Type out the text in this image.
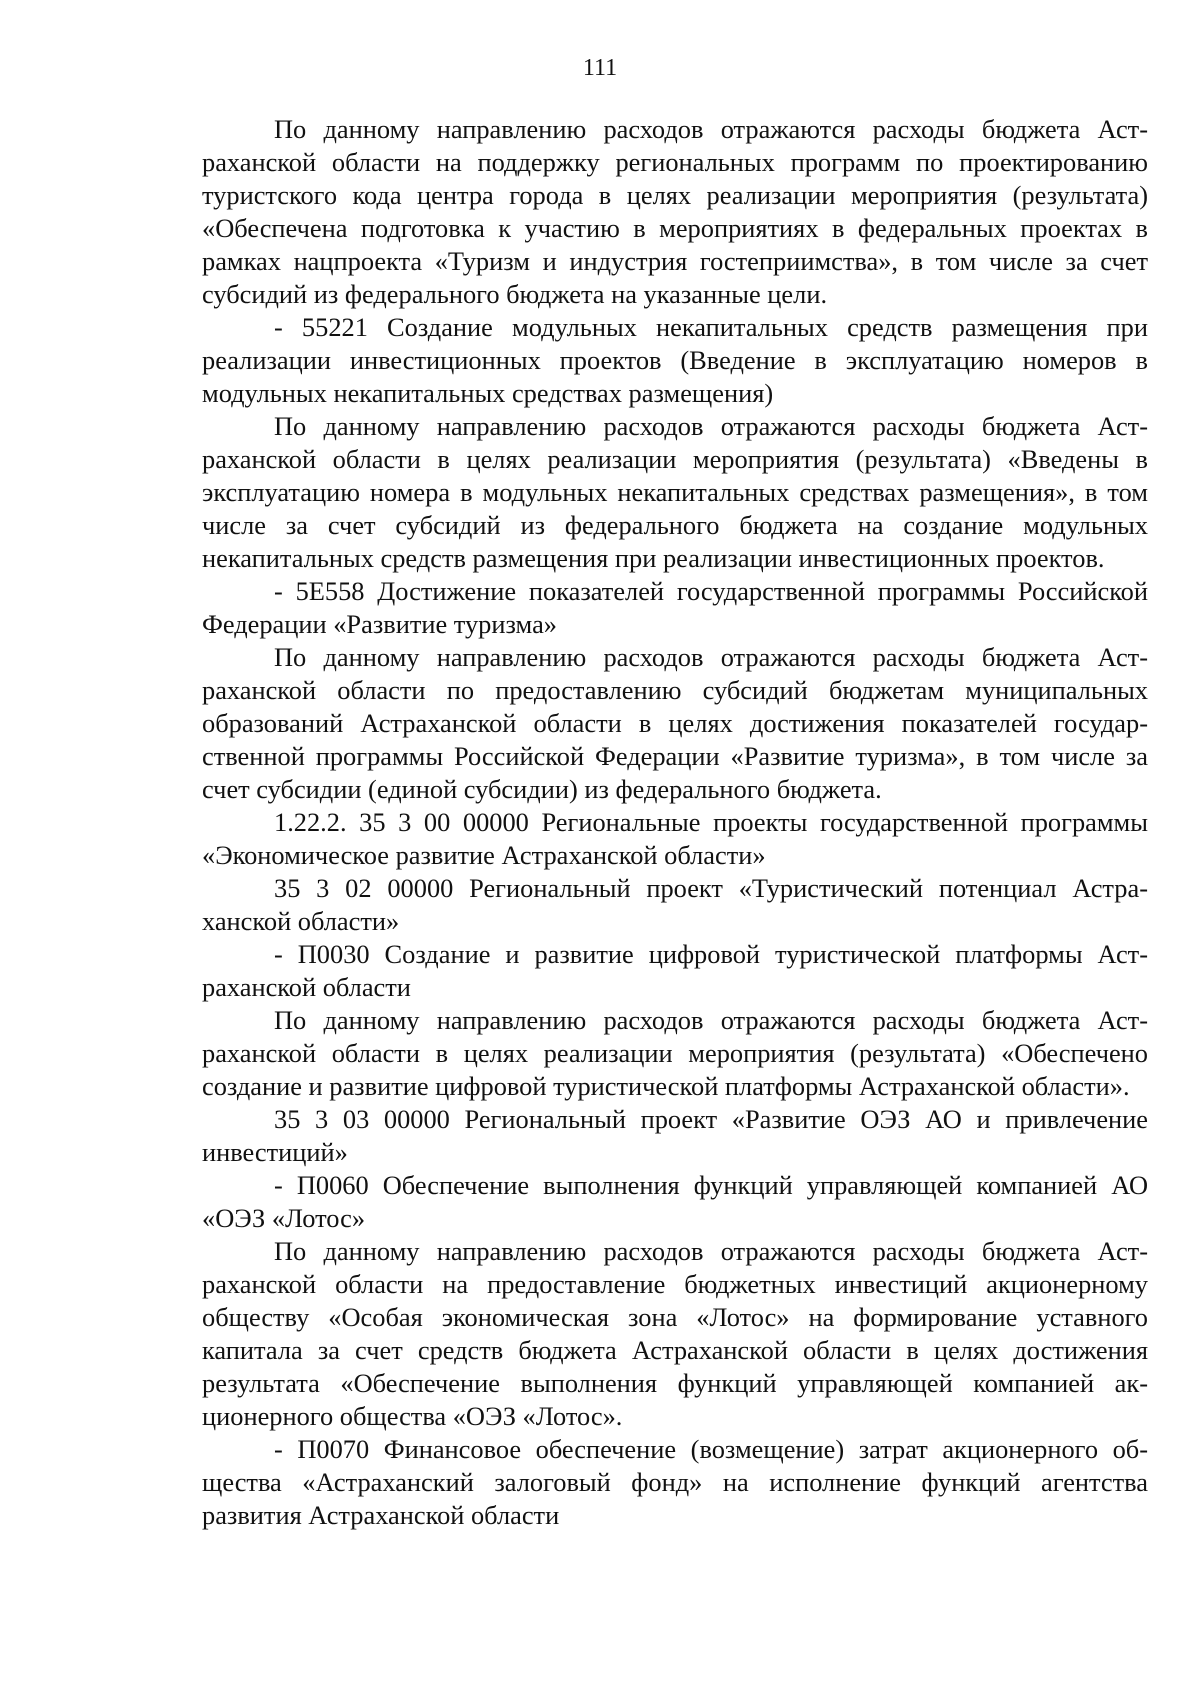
111

По данному направлению расходов отражаются расходы бюджета Астраханской области на поддержку региональных программ по проектированию туристского кода центра города в целях реализации мероприятия (результата) «Обеспечена подготовка к участию в мероприятиях в федеральных проектах в рамках нацпроекта «Туризм и индустрия гостеприимства», в том числе за счет субсидий из федерального бюджета на указанные цели.

- 55221 Создание модульных некапитальных средств размещения при реализации инвестиционных проектов (Введение в эксплуатацию номеров в модульных некапитальных средствах размещения)

По данному направлению расходов отражаются расходы бюджета Астраханской области в целях реализации мероприятия (результата) «Введены в эксплуатацию номера в модульных некапитальных средствах размещения», в том числе за счет субсидий из федерального бюджета на создание модульных некапитальных средств размещения при реализации инвестиционных проектов.

- 5Е558 Достижение показателей государственной программы Российской Федерации «Развитие туризма»

По данному направлению расходов отражаются расходы бюджета Астраханской области по предоставлению субсидий бюджетам муниципальных образований Астраханской области в целях достижения показателей государственной программы Российской Федерации «Развитие туризма», в том числе за счет субсидии (единой субсидии) из федерального бюджета.

1.22.2. 35 3 00 00000 Региональные проекты государственной программы «Экономическое развитие Астраханской области»

35 3 02 00000 Региональный проект «Туристический потенциал Астраханской области»

- П0030 Создание и развитие цифровой туристической платформы Астраханской области

По данному направлению расходов отражаются расходы бюджета Астраханской области в целях реализации мероприятия (результата) «Обеспечено создание и развитие цифровой туристической платформы Астраханской области».

35 3 03 00000 Региональный проект «Развитие ОЭЗ АО и привлечение инвестиций»

- П0060 Обеспечение выполнения функций управляющей компанией АО «ОЭЗ «Лотос»

По данному направлению расходов отражаются расходы бюджета Астраханской области на предоставление бюджетных инвестиций акционерному обществу «Особая экономическая зона «Лотос» на формирование уставного капитала за счет средств бюджета Астраханской области в целях достижения результата «Обеспечение выполнения функций управляющей компанией акционерного общества «ОЭЗ «Лотос».

- П0070 Финансовое обеспечение (возмещение) затрат акционерного общества «Астраханский залоговый фонд» на исполнение функций агентства развития Астраханской области
